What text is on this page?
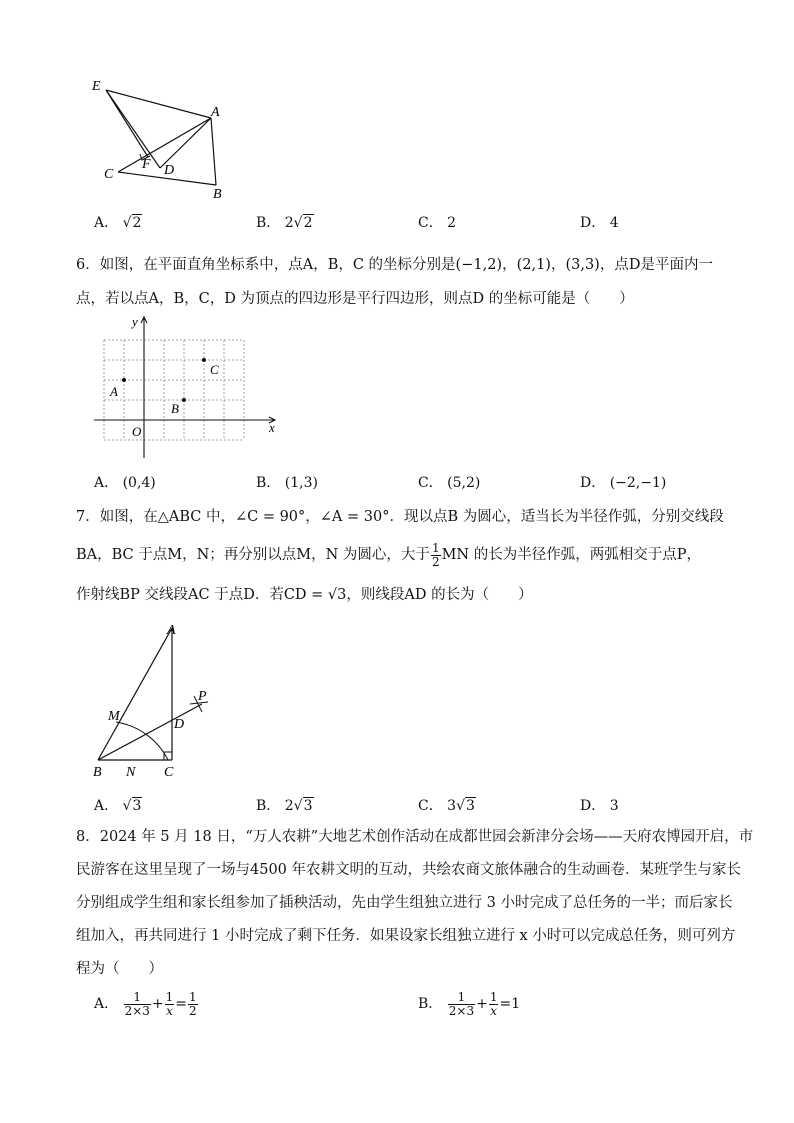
E
A
C
F D
B
A． √2	B． 2√2	C． 2	D． 4
6．如图，在平面直角坐标系中，点A，B，C 的坐标分别是(−1,2)，(2,1)，(3,3)，点D是平面内一
点，若以点A，B，C，D 为顶点的四边形是平行四边形，则点D 的坐标可能是（　　）
y
x
O
A
B
C
A． (0,4)	B． (1,3)	C． (5,2)	D． (−2,−1)
7．如图，在△ABC 中，∠C = 90°，∠A = 30°．现以点B 为圆心，适当长为半径作弧，分别交线段
BA，BC 于点M，N；再分别以点M，N 为圆心，大于 $\frac{1}{2}$ MN 的长为半径作弧，两弧相交于点P，
作射线BP 交线段AC 于点D．若CD = √3，则线段AD 的长为（　　）
A
M
P
D
B N C
A． √3	B． 2√3	C． 3√3	D． 3
8．2024 年 5 月 18 日，“万人农耕”大地艺术创作活动在成都世园会新津分会场——天府农博园开启，市
民游客在这里呈现了一场与4500 年农耕文明的互动，共绘农商文旅体融合的生动画卷．某班学生与家长
分别组成学生组和家长组参加了插秧活动，先由学生组独立进行 3 小时完成了总任务的一半；而后家长
组加入，再共同进行 1 小时完成了剩下任务．如果设家长组独立进行 x 小时可以完成总任务，则可列方
程为（　　）
A． $\frac{1}{2\times 3} + \frac{1}{x} = \frac{1}{2}$	B． $\frac{1}{2\times 3} + \frac{1}{x} =1$
